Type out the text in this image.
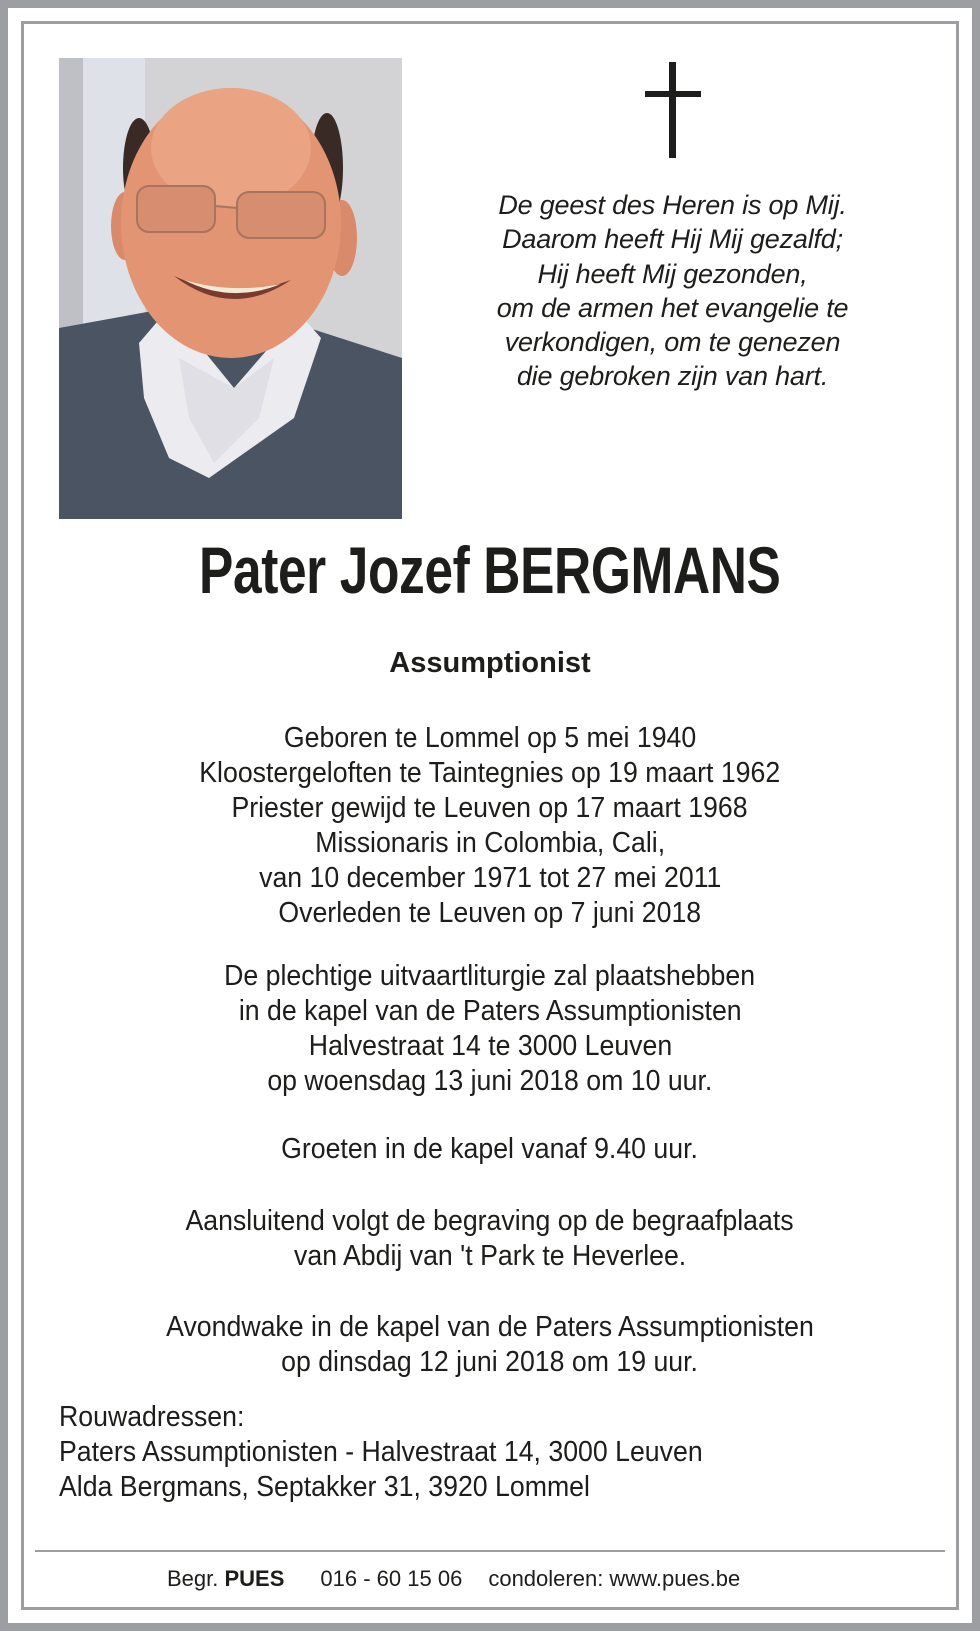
De geest des Heren is op Mij.
Daarom heeft Hij Mij gezalfd;
Hij heeft Mij gezonden,
om de armen het evangelie te
verkondigen, om te genezen
die gebroken zijn van hart.
Pater Jozef BERGMANS
Assumptionist
Geboren te Lommel op 5 mei 1940
Kloostergeloften te Taintegnies op 19 maart 1962
Priester gewijd te Leuven op 17 maart 1968
Missionaris in Colombia, Cali,
van 10 december 1971 tot 27 mei 2011
Overleden te Leuven op 7 juni 2018
De plechtige uitvaartliturgie zal plaatshebben
in de kapel van de Paters Assumptionisten
Halvestraat 14 te 3000 Leuven
op woensdag 13 juni 2018 om 10 uur.
Groeten in de kapel vanaf 9.40 uur.
Aansluitend volgt de begraving op de begraafplaats
van Abdij van 't Park te Heverlee.
Avondwake in de kapel van de Paters Assumptionisten
op dinsdag 12 juni 2018 om 19 uur.
Rouwadressen:
Paters Assumptionisten - Halvestraat 14, 3000 Leuven
Alda Bergmans, Septakker 31, 3920 Lommel
Begr. PUES 016 - 60 15 06 condoleren: www.pues.be
